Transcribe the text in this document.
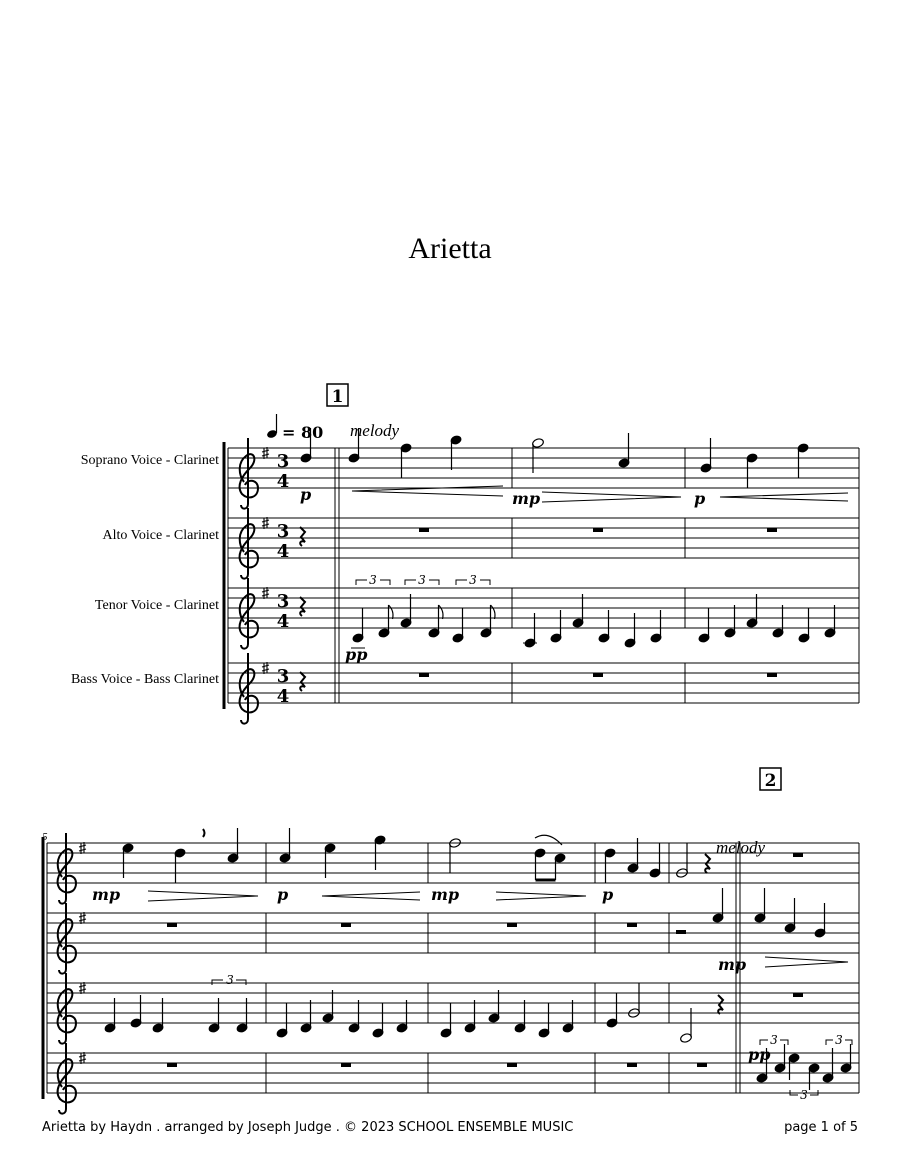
Arietta
Soprano Voice - Clarinet
Alto Voice - Clarinet
Tenor Voice - Clarinet
Bass Voice - Bass Clarinet
3
4
3
4
3
4
3
4
1
= 80 melody
p	mp	p
3	3	3
pp
5
2
mp	p	mp	p
mp
pp
melody
3
3
3
3
Arietta by Haydn . arranged by Joseph Judge . © 2023 SCHOOL ENSEMBLE MUSIC	page 1 of 5
